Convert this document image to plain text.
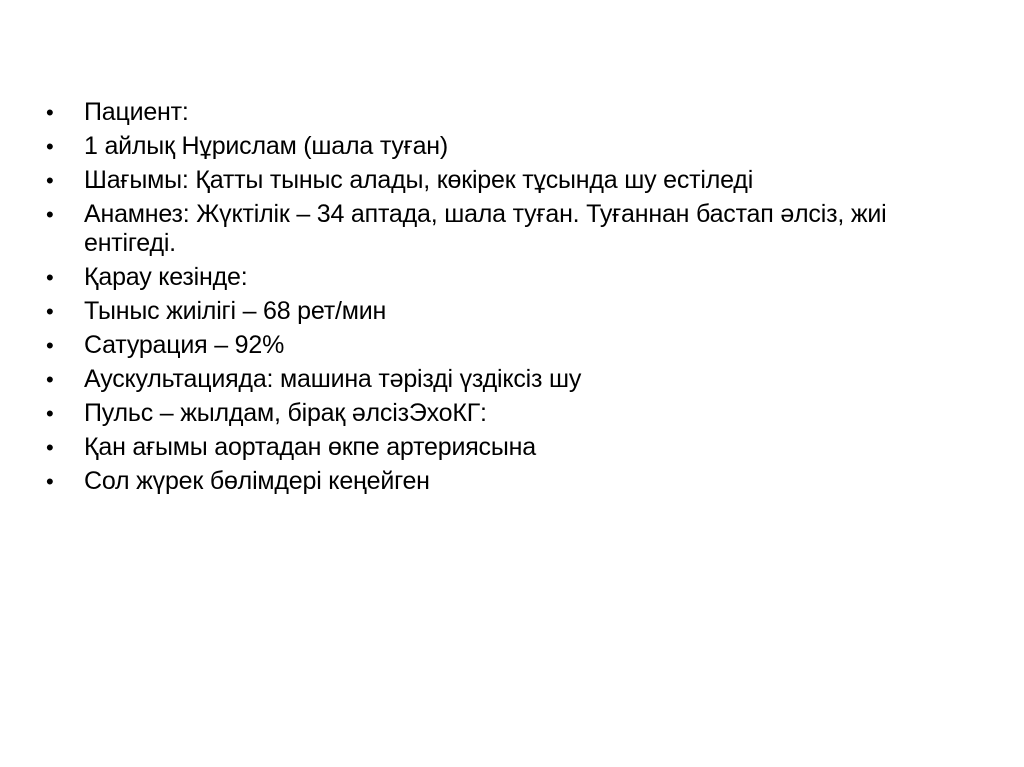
• Пациент:
• 1 айлық Нұрислам (шала туған)
• Шағымы: Қатты тыныс алады, көкірек тұсында шу естіледі
• Анамнез: Жүктілік – 34 аптада, шала туған. Туғаннан бастап әлсіз, жиі ентігеді.
• Қарау кезінде:
• Тыныс жиілігі – 68 рет/мин
• Сатурация – 92%
• Аускультацияда: машина тәрізді үздіксіз шу
• Пульс – жылдам, бірақ әлсізЭхоКГ:
• Қан ағымы аортадан өкпе артериясына
• Сол жүрек бөлімдері кеңейген
